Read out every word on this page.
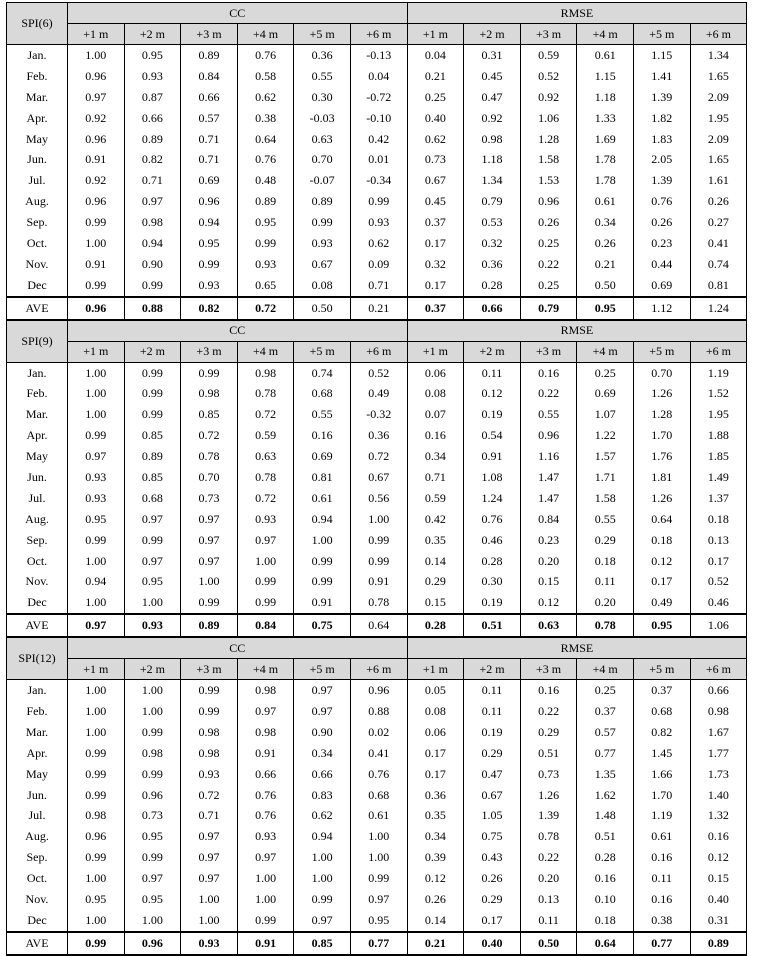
SPI(6)	CC						RMSE					
	+1 m	+2 m	+3 m	+4 m	+5 m	+6 m	+1 m	+2 m	+3 m	+4 m	+5 m	+6 m
Jan.	1.00	0.95	0.89	0.76	0.36	-0.13	0.04	0.31	0.59	0.61	1.15	1.34
Feb.	0.96	0.93	0.84	0.58	0.55	0.04	0.21	0.45	0.52	1.15	1.41	1.65
Mar.	0.97	0.87	0.66	0.62	0.30	-0.72	0.25	0.47	0.92	1.18	1.39	2.09
Apr.	0.92	0.66	0.57	0.38	-0.03	-0.10	0.40	0.92	1.06	1.33	1.82	1.95
May	0.96	0.89	0.71	0.64	0.63	0.42	0.62	0.98	1.28	1.69	1.83	2.09
Jun.	0.91	0.82	0.71	0.76	0.70	0.01	0.73	1.18	1.58	1.78	2.05	1.65
Jul.	0.92	0.71	0.69	0.48	-0.07	-0.34	0.67	1.34	1.53	1.78	1.39	1.61
Aug.	0.96	0.97	0.96	0.89	0.89	0.99	0.45	0.79	0.96	0.61	0.76	0.26
Sep.	0.99	0.98	0.94	0.95	0.99	0.93	0.37	0.53	0.26	0.34	0.26	0.27
Oct.	1.00	0.94	0.95	0.99	0.93	0.62	0.17	0.32	0.25	0.26	0.23	0.41
Nov.	0.91	0.90	0.99	0.93	0.67	0.09	0.32	0.36	0.22	0.21	0.44	0.74
Dec	0.99	0.99	0.93	0.65	0.08	0.71	0.17	0.28	0.25	0.50	0.69	0.81
AVE	0.96	0.88	0.82	0.72	0.50	0.21	0.37	0.66	0.79	0.95	1.12	1.24
SPI(9)	CC						RMSE					
	+1 m	+2 m	+3 m	+4 m	+5 m	+6 m	+1 m	+2 m	+3 m	+4 m	+5 m	+6 m
Jan.	1.00	0.99	0.99	0.98	0.74	0.52	0.06	0.11	0.16	0.25	0.70	1.19
Feb.	1.00	0.99	0.98	0.78	0.68	0.49	0.08	0.12	0.22	0.69	1.26	1.52
Mar.	1.00	0.99	0.85	0.72	0.55	-0.32	0.07	0.19	0.55	1.07	1.28	1.95
Apr.	0.99	0.85	0.72	0.59	0.16	0.36	0.16	0.54	0.96	1.22	1.70	1.88
May	0.97	0.89	0.78	0.63	0.69	0.72	0.34	0.91	1.16	1.57	1.76	1.85
Jun.	0.93	0.85	0.70	0.78	0.81	0.67	0.71	1.08	1.47	1.71	1.81	1.49
Jul.	0.93	0.68	0.73	0.72	0.61	0.56	0.59	1.24	1.47	1.58	1.26	1.37
Aug.	0.95	0.97	0.97	0.93	0.94	1.00	0.42	0.76	0.84	0.55	0.64	0.18
Sep.	0.99	0.99	0.97	0.97	1.00	0.99	0.35	0.46	0.23	0.29	0.18	0.13
Oct.	1.00	0.97	0.97	1.00	0.99	0.99	0.14	0.28	0.20	0.18	0.12	0.17
Nov.	0.94	0.95	1.00	0.99	0.99	0.91	0.29	0.30	0.15	0.11	0.17	0.52
Dec	1.00	1.00	0.99	0.99	0.91	0.78	0.15	0.19	0.12	0.20	0.49	0.46
AVE	0.97	0.93	0.89	0.84	0.75	0.64	0.28	0.51	0.63	0.78	0.95	1.06
SPI(12)	CC						RMSE					
	+1 m	+2 m	+3 m	+4 m	+5 m	+6 m	+1 m	+2 m	+3 m	+4 m	+5 m	+6 m
Jan.	1.00	1.00	0.99	0.98	0.97	0.96	0.05	0.11	0.16	0.25	0.37	0.66
Feb.	1.00	1.00	0.99	0.97	0.97	0.88	0.08	0.11	0.22	0.37	0.68	0.98
Mar.	1.00	0.99	0.98	0.98	0.90	0.02	0.06	0.19	0.29	0.57	0.82	1.67
Apr.	0.99	0.98	0.98	0.91	0.34	0.41	0.17	0.29	0.51	0.77	1.45	1.77
May	0.99	0.99	0.93	0.66	0.66	0.76	0.17	0.47	0.73	1.35	1.66	1.73
Jun.	0.99	0.96	0.72	0.76	0.83	0.68	0.36	0.67	1.26	1.62	1.70	1.40
Jul.	0.98	0.73	0.71	0.76	0.62	0.61	0.35	1.05	1.39	1.48	1.19	1.32
Aug.	0.96	0.95	0.97	0.93	0.94	1.00	0.34	0.75	0.78	0.51	0.61	0.16
Sep.	0.99	0.99	0.97	0.97	1.00	1.00	0.39	0.43	0.22	0.28	0.16	0.12
Oct.	1.00	0.97	0.97	1.00	1.00	0.99	0.12	0.26	0.20	0.16	0.11	0.15
Nov.	0.95	0.95	1.00	1.00	0.99	0.97	0.26	0.29	0.13	0.10	0.16	0.40
Dec	1.00	1.00	1.00	0.99	0.97	0.95	0.14	0.17	0.11	0.18	0.38	0.31
AVE	0.99	0.96	0.93	0.91	0.85	0.77	0.21	0.40	0.50	0.64	0.77	0.89
